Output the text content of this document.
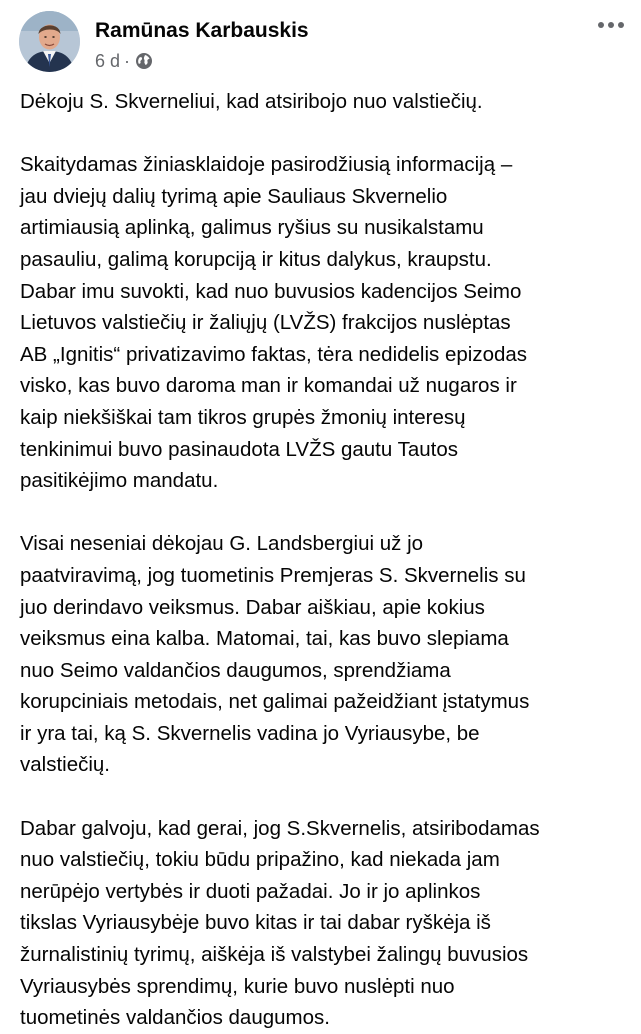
Ramūnas Karbauskis
6 d ·

Dėkoju S. Skverneliui, kad atsiribojo nuo valstiečių.

Skaitydamas žiniasklaidoje pasirodžiusią informaciją –
jau dviejų dalių tyrimą apie Sauliaus Skvernelio
artimiausią aplinką, galimus ryšius su nusikalstamu
pasauliu, galimą korupciją ir kitus dalykus, kraupstu.
Dabar imu suvokti, kad nuo buvusios kadencijos Seimo
Lietuvos valstiečių ir žaliųjų (LVŽS) frakcijos nuslėptas
AB „Ignitis“ privatizavimo faktas, tėra nedidelis epizodas
visko, kas buvo daroma man ir komandai už nugaros ir
kaip niekšiškai tam tikros grupės žmonių interesų
tenkinimui buvo pasinaudota LVŽS gautu Tautos
pasitikėjimo mandatu.

Visai neseniai dėkojau G. Landsbergiui už jo
paatviravimą, jog tuometinis Premjeras S. Skvernelis su
juo derindavo veiksmus. Dabar aiškiau, apie kokius
veiksmus eina kalba. Matomai, tai, kas buvo slepiama
nuo Seimo valdančios daugumos, sprendžiama
korupciniais metodais, net galimai pažeidžiant įstatymus
ir yra tai, ką S. Skvernelis vadina jo Vyriausybe, be
valstiečių.

Dabar galvoju, kad gerai, jog S.Skvernelis, atsiribodamas
nuo valstiečių, tokiu būdu pripažino, kad niekada jam
nerūpėjo vertybės ir duoti pažadai. Jo ir jo aplinkos
tikslas Vyriausybėje buvo kitas ir tai dabar ryškėja iš
žurnalistinių tyrimų, aiškėja iš valstybei žalingų buvusios
Vyriausybės sprendimų, kurie buvo nuslėpti nuo
tuometinės valdančios daugumos.
